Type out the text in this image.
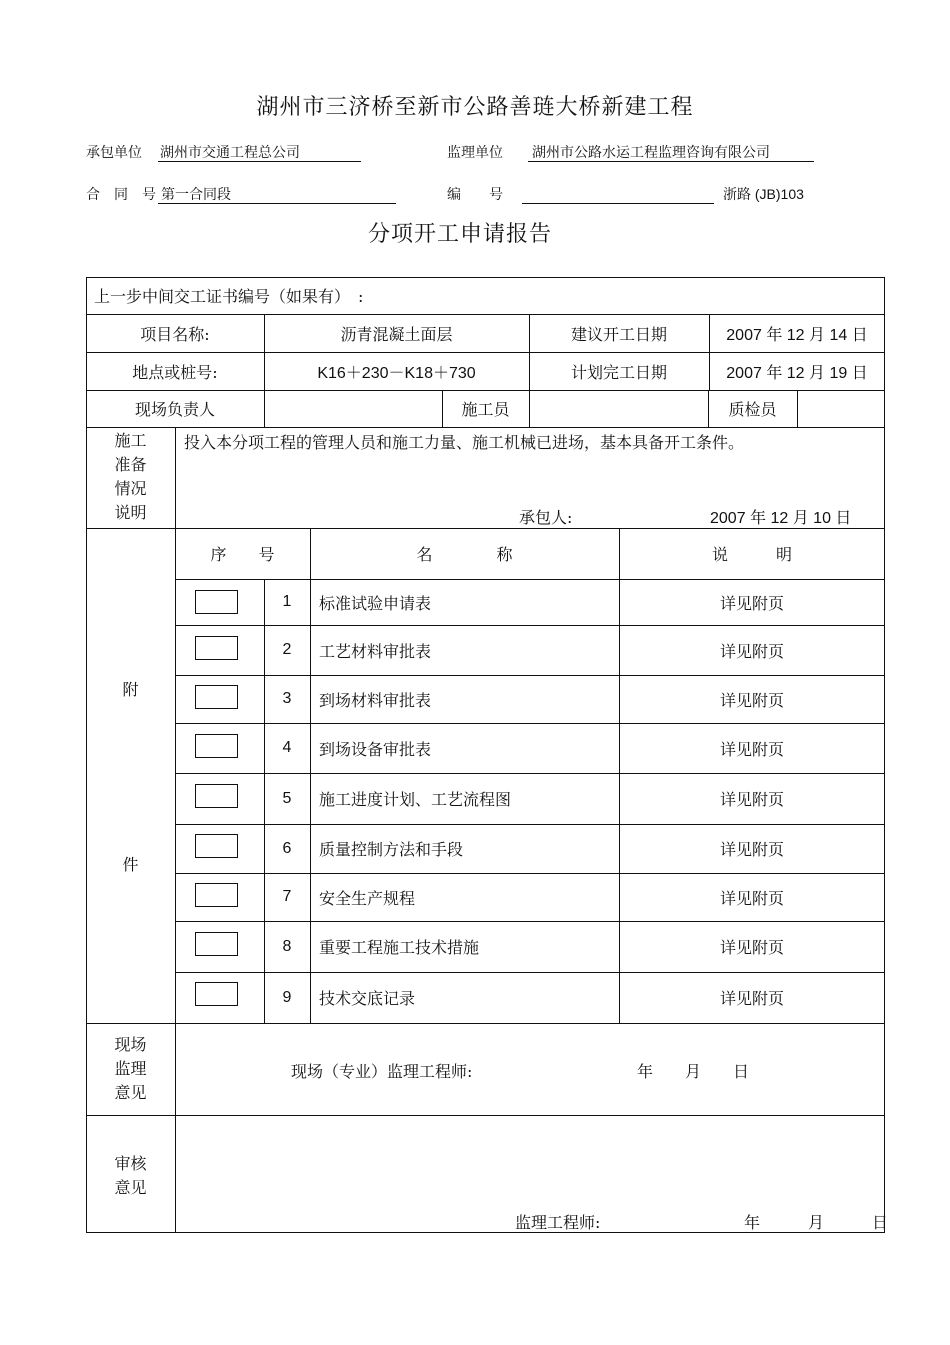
湖州市三济桥至新市公路善琏大桥新建工程
承包单位 湖州市交通工程总公司	监理单位 湖州市公路水运工程监理咨询有限公司
合　同　号 第一合同段	编　　号	浙路 (JB)103
分项开工申请报告
上一步中间交工证书编号（如果有）　:
项目名称:	沥青混凝土面层	建议开工日期	2007 年 12 月 14 日
地点或桩号:	K16＋230－K18＋730	计划完工日期	2007 年 12 月 19 日
现场负责人	施工员	质检员
施工
准备
情况
说明
投入本分项工程的管理人员和施工力量、施工机械已进场，基本具备开工条件。
承包人:	2007 年 12 月 10 日
附
件
序　　号	名　　　　称	说　　　明
1	标准试验申请表	详见附页
2	工艺材料审批表	详见附页
3	到场材料审批表	详见附页
4	到场设备审批表	详见附页
5	施工进度计划、工艺流程图	详见附页
6	质量控制方法和手段	详见附页
7	安全生产规程	详见附页
8	重要工程施工技术措施	详见附页
9	技术交底记录	详见附页
现场
监理
意见
现场（专业）监理工程师:	年　　月　　日
审核
意见
监理工程师:	年　　　月　　　日
